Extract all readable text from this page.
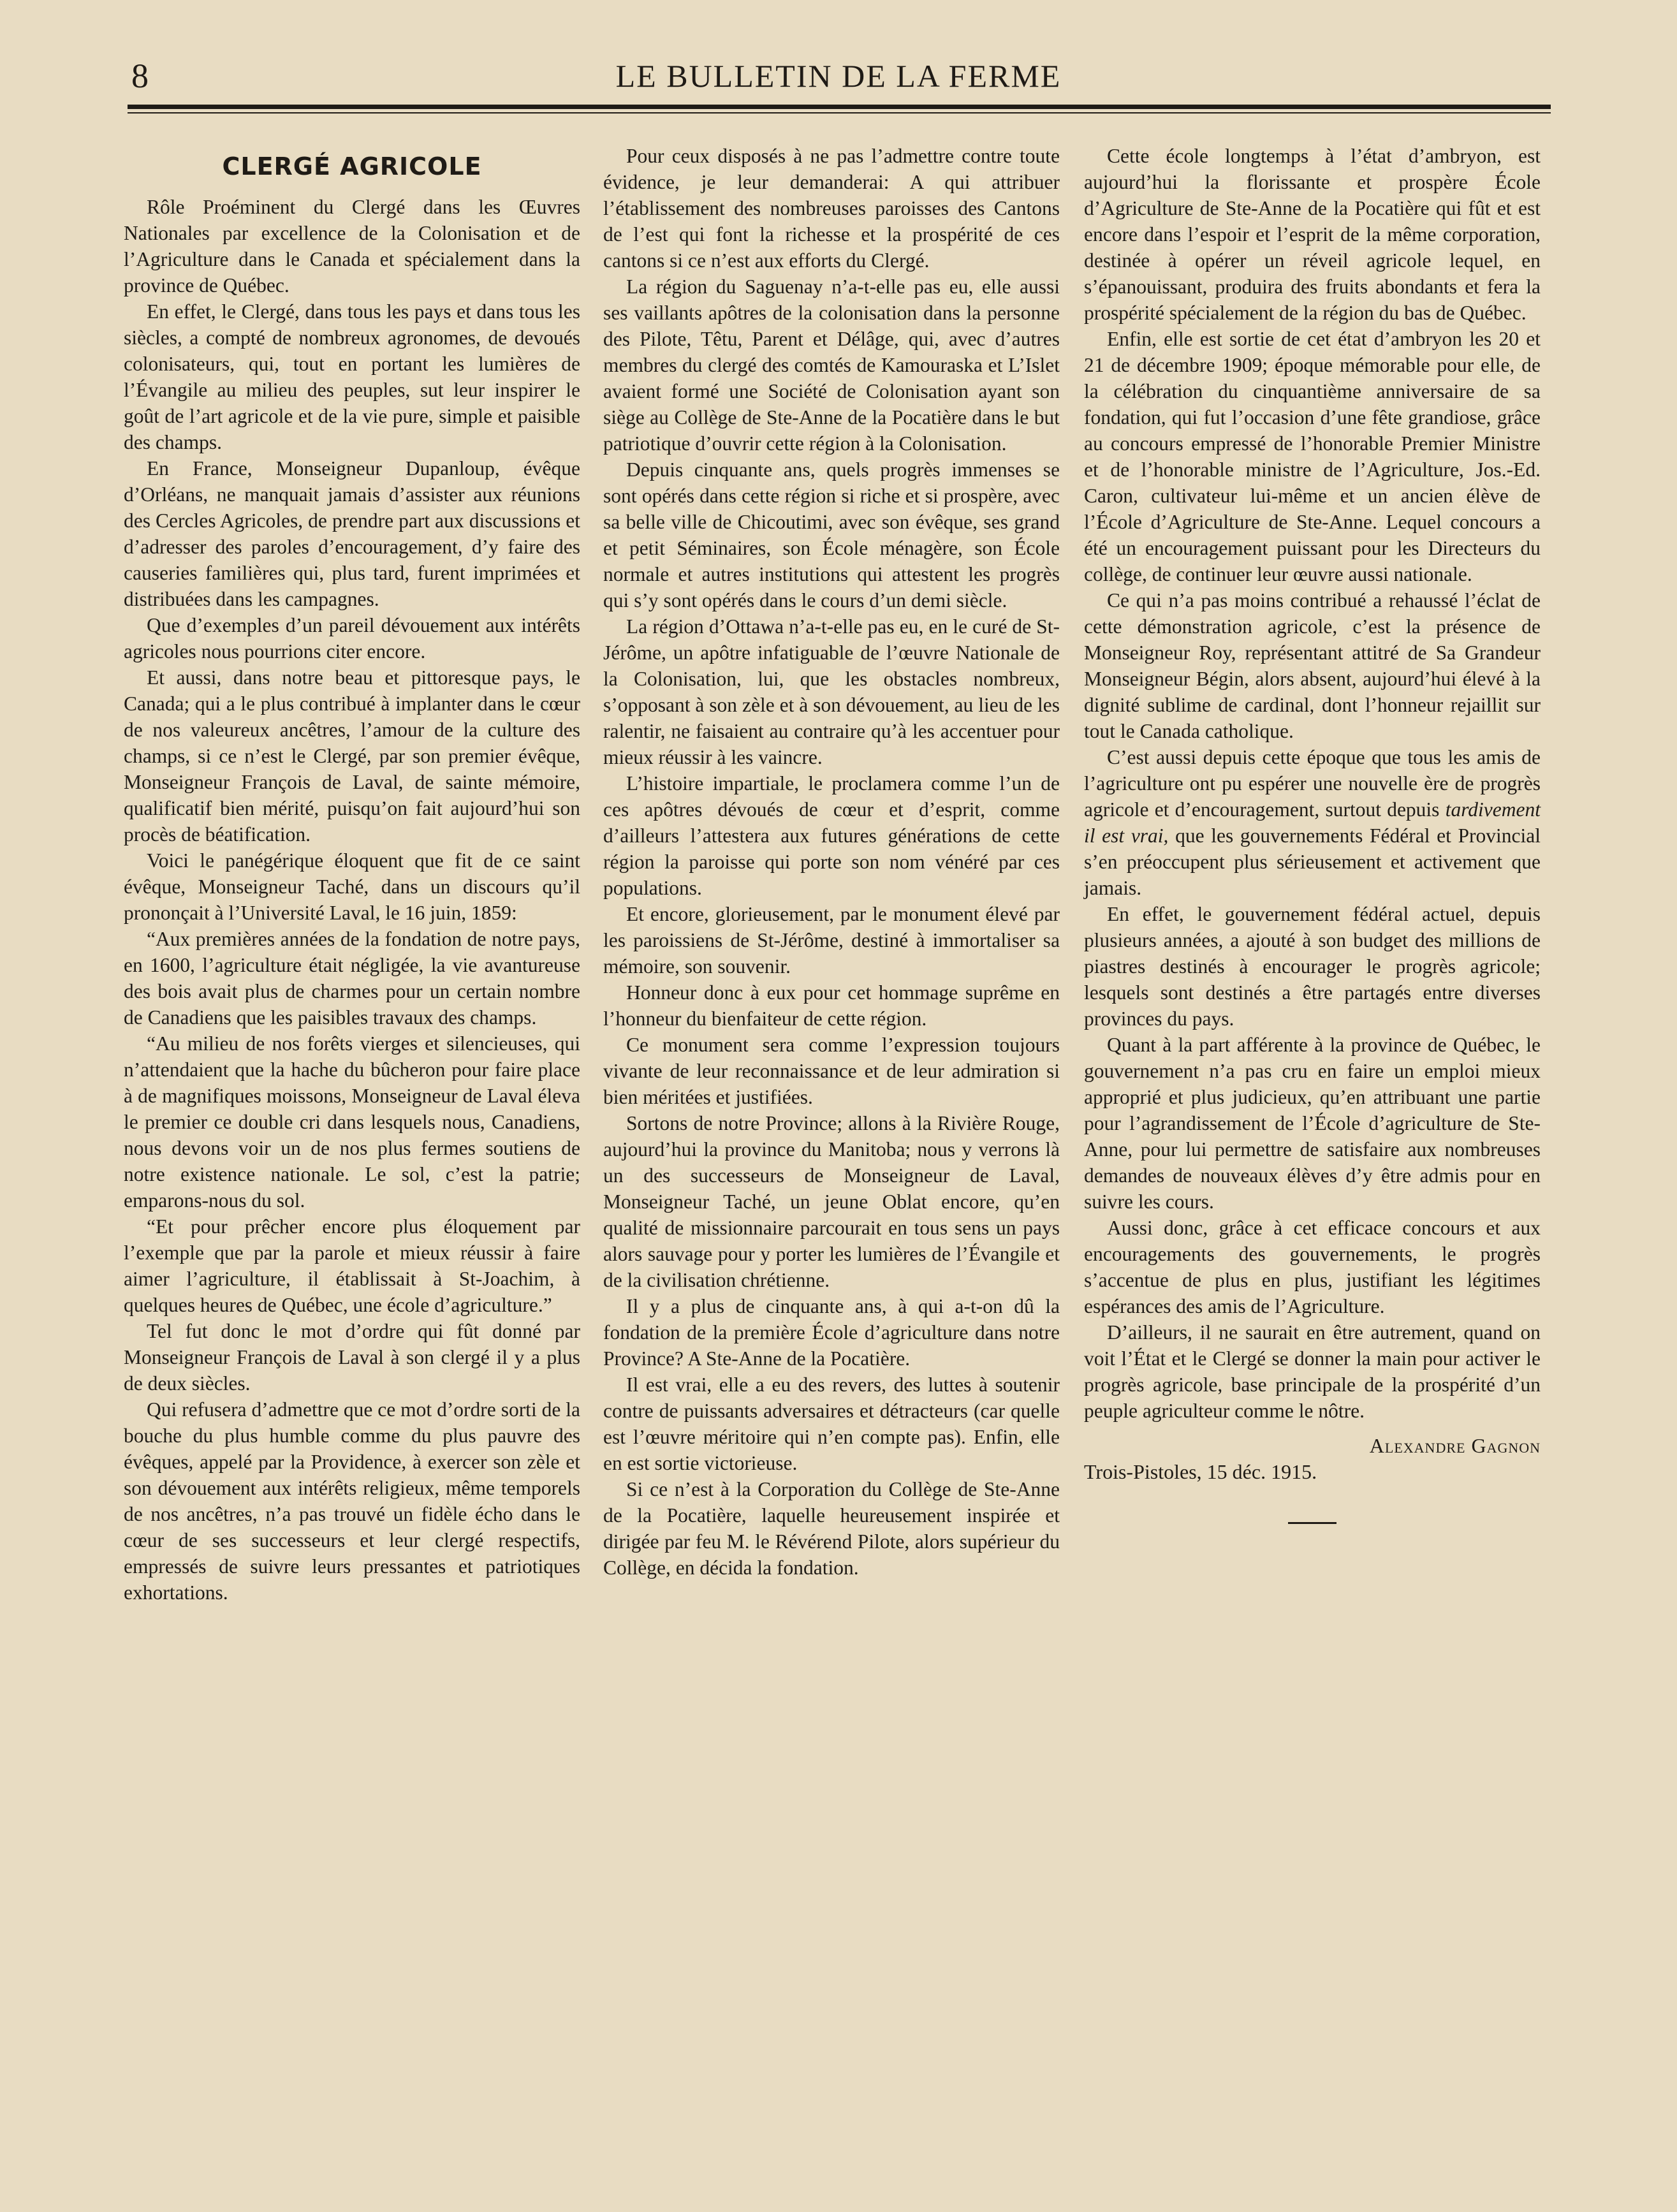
8	LE BULLETIN DE LA FERME
CLERGÉ AGRICOLE

Rôle Proéminent du Clergé dans les Œuvres Nationales par excellence de la Colonisation et de l’Agriculture dans le Canada et spécialement dans la province de Québec.

En effet, le Clergé, dans tous les pays et dans tous les siècles, a compté de nombreux agronomes, de devoués colonisateurs, qui, tout en portant les lumières de l’Évangile au milieu des peuples, sut leur inspirer le goût de l’art agricole et de la vie pure, simple et paisible des champs.

En France, Monseigneur Dupanloup, évêque d’Orléans, ne manquait jamais d’assister aux réunions des Cercles Agricoles, de prendre part aux discussions et d’adresser des paroles d’encouragement, d’y faire des causeries familières qui, plus tard, furent imprimées et distribuées dans les campagnes.

Que d’exemples d’un pareil dévouement aux intérêts agricoles nous pourrions citer encore.

Et aussi, dans notre beau et pittoresque pays, le Canada; qui a le plus contribué à implanter dans le cœur de nos valeureux ancêtres, l’amour de la culture des champs, si ce n’est le Clergé, par son premier évêque, Monseigneur François de Laval, de sainte mémoire, qualificatif bien mérité, puisqu’on fait aujourd’hui son procès de béatification.

Voici le panégérique éloquent que fit de ce saint évêque, Monseigneur Taché, dans un discours qu’il prononçait à l’Université Laval, le 16 juin, 1859:

“Aux premières années de la fondation de notre pays, en 1600, l’agriculture était négligée, la vie avantureuse des bois avait plus de charmes pour un certain nombre de Canadiens que les paisibles travaux des champs.

“Au milieu de nos forêts vierges et silencieuses, qui n’attendaient que la hache du bûcheron pour faire place à de magnifiques moissons, Monseigneur de Laval éleva le premier ce double cri dans lesquels nous, Canadiens, nous devons voir un de nos plus fermes soutiens de notre existence nationale. Le sol, c’est la patrie; emparons-nous du sol.

“Et pour prêcher encore plus éloquement par l’exemple que par la parole et mieux réussir à faire aimer l’agriculture, il établissait à St-Joachim, à quelques heures de Québec, une école d’agriculture.”

Tel fut donc le mot d’ordre qui fût donné par Monseigneur François de Laval à son clergé il y a plus de deux siècles.

Qui refusera d’admettre que ce mot d’ordre sorti de la bouche du plus humble comme du plus pauvre des évêques, appelé par la Providence, à exercer son zèle et son dévouement aux intérêts religieux, même temporels de nos ancêtres, n’a pas trouvé un fidèle écho dans le cœur de ses successeurs et leur clergé respectifs, empressés de suivre leurs pressantes et patriotiques exhortations.

Pour ceux disposés à ne pas l’admettre contre toute évidence, je leur demanderai: A qui attribuer l’établissement des nombreuses paroisses des Cantons de l’est qui font la richesse et la prospérité de ces cantons si ce n’est aux efforts du Clergé.

La région du Saguenay n’a-t-elle pas eu, elle aussi ses vaillants apôtres de la colonisation dans la personne des Pilote, Têtu, Parent et Délâge, qui, avec d’autres membres du clergé des comtés de Kamouraska et L’Islet avaient formé une Société de Colonisation ayant son siège au Collège de Ste-Anne de la Pocatière dans le but patriotique d’ouvrir cette région à la Colonisation.

Depuis cinquante ans, quels progrès immenses se sont opérés dans cette région si riche et si prospère, avec sa belle ville de Chicoutimi, avec son évêque, ses grand et petit Séminaires, son École ménagère, son École normale et autres institutions qui attestent les progrès qui s’y sont opérés dans le cours d’un demi siècle.

La région d’Ottawa n’a-t-elle pas eu, en le curé de St-Jérôme, un apôtre infatiguable de l’œuvre Nationale de la Colonisation, lui, que les obstacles nombreux, s’opposant à son zèle et à son dévouement, au lieu de les ralentir, ne faisaient au contraire qu’à les accentuer pour mieux réussir à les vaincre.

L’histoire impartiale, le proclamera comme l’un de ces apôtres dévoués de cœur et d’esprit, comme d’ailleurs l’attestera aux futures générations de cette région la paroisse qui porte son nom vénéré par ces populations.

Et encore, glorieusement, par le monument élevé par les paroissiens de St-Jérôme, destiné à immortaliser sa mémoire, son souvenir.

Honneur donc à eux pour cet hommage suprême en l’honneur du bienfaiteur de cette région.

Ce monument sera comme l’expression toujours vivante de leur reconnaissance et de leur admiration si bien méritées et justifiées.

Sortons de notre Province; allons à la Rivière Rouge, aujourd’hui la province du Manitoba; nous y verrons là un des successeurs de Monseigneur de Laval, Monseigneur Taché, un jeune Oblat encore, qu’en qualité de missionnaire parcourait en tous sens un pays alors sauvage pour y porter les lumières de l’Évangile et de la civilisation chrétienne.

Il y a plus de cinquante ans, à qui a-t-on dû la fondation de la première École d’agriculture dans notre Province? A Ste-Anne de la Pocatière.

Il est vrai, elle a eu des revers, des luttes à soutenir contre de puissants adversaires et détracteurs (car quelle est l’œuvre méritoire qui n’en compte pas). Enfin, elle en est sortie victorieuse.

Si ce n’est à la Corporation du Collège de Ste-Anne de la Pocatière, laquelle heureusement inspirée et dirigée par feu M. le Révérend Pilote, alors supérieur du Collège, en décida la fondation.

Cette école longtemps à l’état d’ambryon, est aujourd’hui la florissante et prospère École d’Agriculture de Ste-Anne de la Pocatière qui fût et est encore dans l’espoir et l’esprit de la même corporation, destinée à opérer un réveil agricole lequel, en s’épanouissant, produira des fruits abondants et fera la prospérité spécialement de la région du bas de Québec.

Enfin, elle est sortie de cet état d’ambryon les 20 et 21 de décembre 1909; époque mémorable pour elle, de la célébration du cinquantième anniversaire de sa fondation, qui fut l’occasion d’une fête grandiose, grâce au concours empressé de l’honorable Premier Ministre et de l’honorable ministre de l’Agriculture, Jos.-Ed. Caron, cultivateur lui-même et un ancien élève de l’École d’Agriculture de Ste-Anne. Lequel concours a été un encouragement puissant pour les Directeurs du collège, de continuer leur œuvre aussi nationale.

Ce qui n’a pas moins contribué a rehaussé l’éclat de cette démonstration agricole, c’est la présence de Monseigneur Roy, représentant attitré de Sa Grandeur Monseigneur Bégin, alors absent, aujourd’hui élevé à la dignité sublime de cardinal, dont l’honneur rejaillit sur tout le Canada catholique.

C’est aussi depuis cette époque que tous les amis de l’agriculture ont pu espérer une nouvelle ère de progrès agricole et d’encouragement, surtout depuis tardivement il est vrai, que les gouvernements Fédéral et Provincial s’en préoccupent plus sérieusement et activement que jamais.

En effet, le gouvernement fédéral actuel, depuis plusieurs années, a ajouté à son budget des millions de piastres destinés à encourager le progrès agricole; lesquels sont destinés a être partagés entre diverses provinces du pays.

Quant à la part afférente à la province de Québec, le gouvernement n’a pas cru en faire un emploi mieux approprié et plus judicieux, qu’en attribuant une partie pour l’agrandissement de l’École d’agriculture de Ste-Anne, pour lui permettre de satisfaire aux nombreuses demandes de nouveaux élèves d’y être admis pour en suivre les cours.

Aussi donc, grâce à cet efficace concours et aux encouragements des gouvernements, le progrès s’accentue de plus en plus, justifiant les légitimes espérances des amis de l’Agriculture.

D’ailleurs, il ne saurait en être autrement, quand on voit l’État et le Clergé se donner la main pour activer le progrès agricole, base principale de la prospérité d’un peuple agriculteur comme le nôtre.

Alexandre Gagnon

Trois-Pistoles, 15 déc. 1915.
